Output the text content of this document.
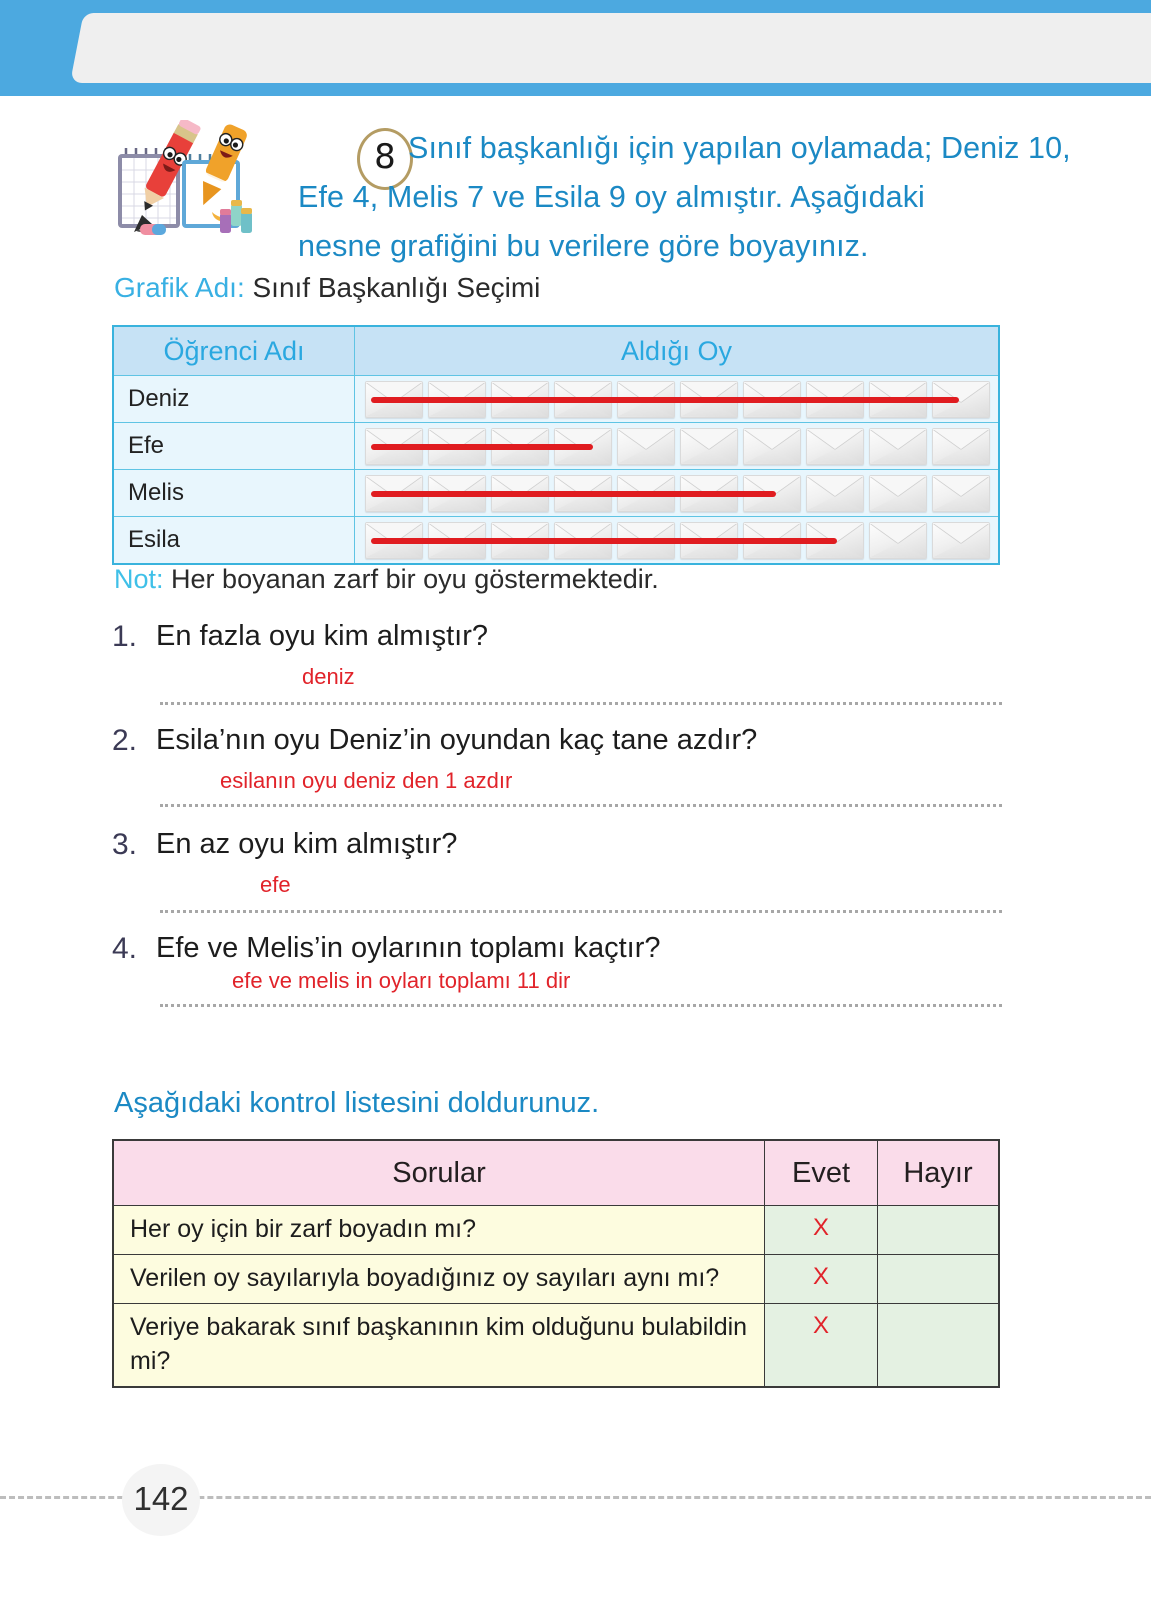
8 Sınıf başkanlığı için yapılan oylamada; Deniz 10,
Efe 4, Melis 7 ve Esila 9 oy almıştır. Aşağıdaki
nesne grafiğini bu verilere göre boyayınız.
Grafik Adı: Sınıf Başkanlığı Seçimi
Öğrenci Adı	Aldığı Oy
Deniz	

Efe	

Melis	

Esila	
Not: Her boyanan zarf bir oyu göstermektedir.
1. En fazla oyu kim almıştır?
deniz
2. Esila’nın oyu Deniz’in oyundan kaç tane azdır?
esilanın oyu deniz den 1 azdır
3. En az oyu kim almıştır?
efe
4. Efe ve Melis’in oylarının toplamı kaçtır?
efe ve melis in oyları toplamı 11 dir
Aşağıdaki kontrol listesini doldurunuz.
Sorular	Evet	Hayır
Her oy için bir zarf boyadın mı?	X	
Verilen oy sayılarıyla boyadığınız oy sayıları aynı mı?	X	
Veriye bakarak sınıf başkanının kim olduğunu bulabildin mi?	X	
142
